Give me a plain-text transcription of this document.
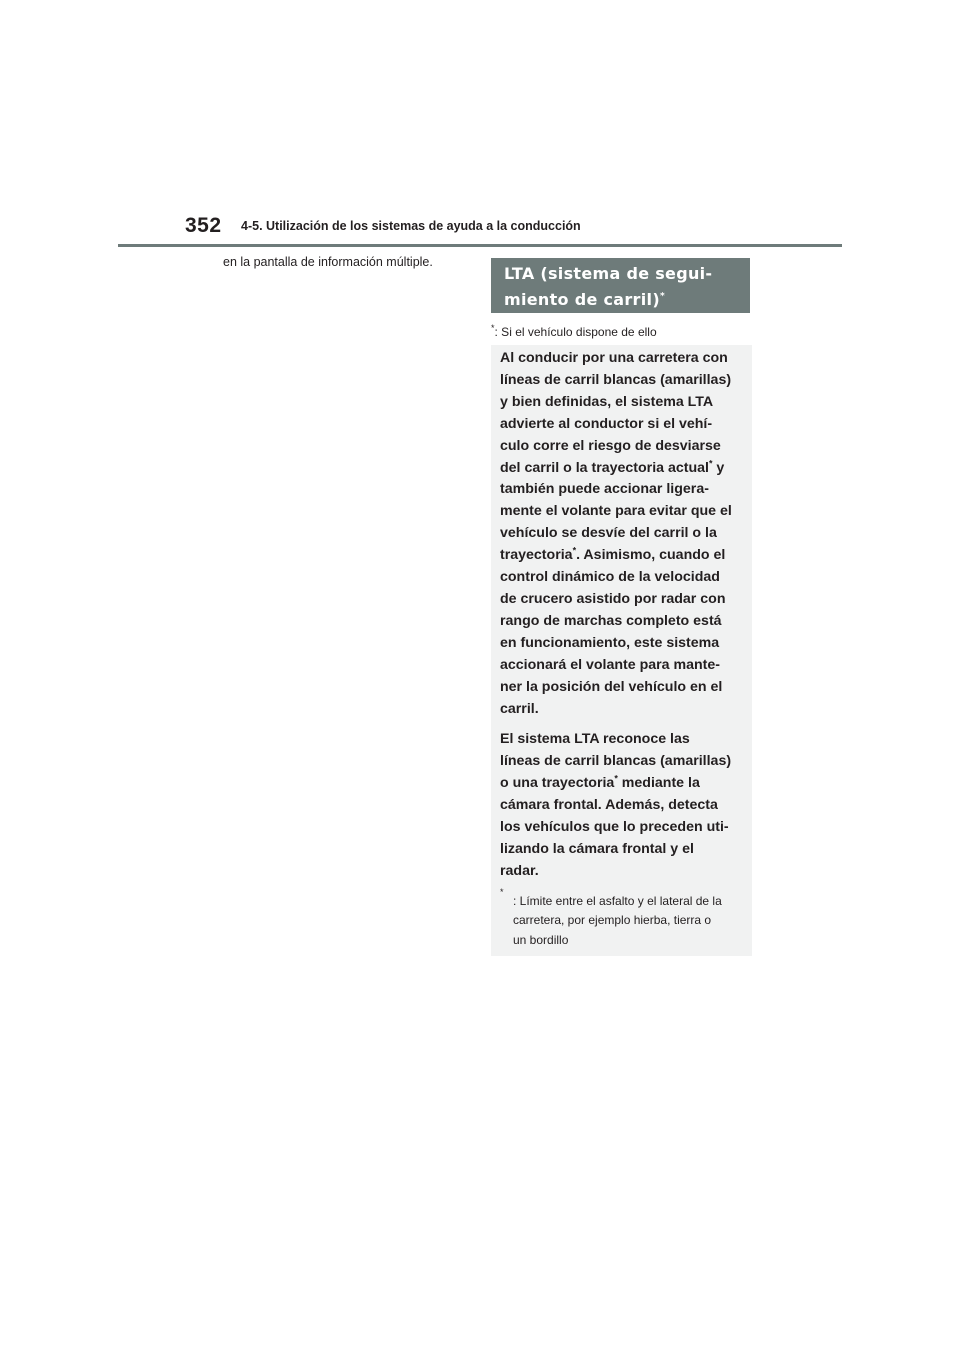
352 4-5. Utilización de los sistemas de ayuda a la conducción
en la pantalla de información múltiple.
LTA (sistema de segui-
miento de carril)*
*: Si el vehículo dispone de ello

Al conducir por una carretera con
líneas de carril blancas (amarillas)
y bien definidas, el sistema LTA
advierte al conductor si el vehí-
culo corre el riesgo de desviarse
del carril o la trayectoria actual* y
también puede accionar ligera-
mente el volante para evitar que el
vehículo se desvíe del carril o la
trayectoria*. Asimismo, cuando el
control dinámico de la velocidad
de crucero asistido por radar con
rango de marchas completo está
en funcionamiento, este sistema
accionará el volante para mante-
ner la posición del vehículo en el
carril.

El sistema LTA reconoce las
líneas de carril blancas (amarillas)
o una trayectoria* mediante la
cámara frontal. Además, detecta
los vehículos que lo preceden uti-
lizando la cámara frontal y el
radar.

*
: Límite entre el asfalto y el lateral de la
carretera, por ejemplo hierba, tierra o
un bordillo
